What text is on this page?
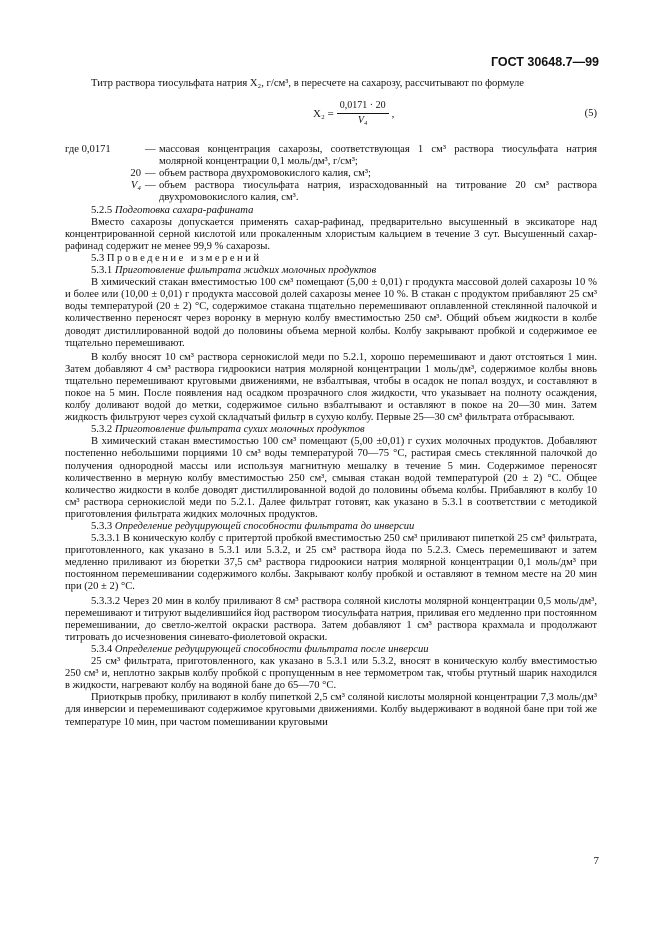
ГОСТ 30648.7—99

Титр раствора тиосульфата натрия X₂, г/см³, в пересчете на сахарозу, рассчитывают по формуле

$X_2 = \frac{0,0171 \cdot 20}{\text{V₄}}$ ,	(5)
где 0,0171	— массовая концентрация сахарозы, соответствующая 1 см³ раствора тиосульфата натрия молярной концентрации 0,1 моль/дм³, г/см³;
20 — объем раствора двухромовокислого калия, см³;
V₄ — объем раствора тиосульфата натрия, израсходованный на титрование 20 см³ раствора двухромовокислого калия, см³.

5.2.5 Подготовка сахара-рафината

Вместо сахарозы допускается применять сахар-рафинад, предварительно высушенный в эксикаторе над концентрированной серной кислотой или прокаленным хлористым кальцием в течение 3 сут. Высушенный сахар-рафинад содержит не менее 99,9 % сахарозы.

5.3 Проведение измерений

5.3.1 Приготовление фильтрата жидких молочных продуктов

В химический стакан вместимостью 100 см³ помещают (5,00 ± 0,01) г продукта массовой долей сахарозы 10 % и более или (10,00 ± 0,01) г продукта массовой долей сахарозы менее 10 %. В стакан с продуктом прибавляют 25 см³ воды температурой (20 ± 2) °С, содержимое стакана тщательно перемешивают оплавленной стеклянной палочкой и количественно переносят через воронку в мерную колбу вместимостью 250 см³. Общий объем жидкости в колбе доводят дистиллированной водой до половины объема мерной колбы. Колбу закрывают пробкой и содержимое ее тщательно перемешивают.

В колбу вносят 10 см³ раствора сернокислой меди по 5.2.1, хорошо перемешивают и дают отстояться 1 мин. Затем добавляют 4 см³ раствора гидроокиси натрия молярной концентрации 1 моль/дм³, содержимое колбы вновь тщательно перемешивают круговыми движениями, не взбалтывая, чтобы в осадок не попал воздух, и составляют в покое на 5 мин. После появления над осадком прозрачного слоя жидкости, что указывает на полноту осаждения, колбу доливают водой до метки, содержимое сильно взбалтывают и оставляют в покое на 20—30 мин. Затем жидкость фильтруют через сухой складчатый фильтр в сухую колбу. Первые 25—30 см³ фильтрата отбрасывают.

5.3.2 Приготовление фильтрата сухих молочных продуктов

В химический стакан вместимостью 100 см³ помещают (5,00 ±0,01) г сухих молочных продуктов. Добавляют постепенно небольшими порциями 10 см³ воды температурой 70—75 °С, растирая смесь стеклянной палочкой до получения однородной массы или используя магнитную мешалку в течение 5 мин. Содержимое переносят количественно в мерную колбу вместимостью 250 см³, смывая стакан водой температурой (20 ± 2) °С. Общее количество жидкости в колбе доводят дистиллированной водой до половины объема колбы. Прибавляют в колбу 10 см³ раствора сернокислой меди по 5.2.1. Далее фильтрат готовят, как указано в 5.3.1 в соответствии с методикой приготовления фильтрата жидких молочных продуктов.

5.3.3 Определение редуцирующей способности фильтрата до инверсии

5.3.3.1 В коническую колбу с притертой пробкой вместимостью 250 см³ приливают пипеткой 25 см³ фильтрата, приготовленного, как указано в 5.3.1 или 5.3.2, и 25 см³ раствора йода по 5.2.3. Смесь перемешивают и затем медленно приливают из бюретки 37,5 см³ раствора гидроокиси натрия молярной концентрации 0,1 моль/дм³ при постоянном перемешивании содержимого колбы. Закрывают колбу пробкой и оставляют в темном месте на 20 мин при (20 ± 2) °С.

5.3.3.2 Через 20 мин в колбу приливают 8 см³ раствора соляной кислоты молярной концентрации 0,5 моль/дм³, перемешивают и титруют выделившийся йод раствором тиосульфата натрия, приливая его медленно при постоянном перемешивании, до светло-желтой окраски раствора. Затем добавляют 1 см³ раствора крахмала и продолжают титровать до исчезновения синевато-фиолетовой окраски.

5.3.4 Определение редуцирующей способности фильтрата после инверсии

25 см³ фильтрата, приготовленного, как указано в 5.3.1 или 5.3.2, вносят в коническую колбу вместимостью 250 см³ и, неплотно закрыв колбу пробкой с пропущенным в нее термометром так, чтобы ртутный шарик находился в жидкости, нагревают колбу на водяной бане до 65—70 °С.

Приоткрыв пробку, приливают в колбу пипеткой 2,5 см³ соляной кислоты молярной концентрации 7,3 моль/дм³ для инверсии и перемешивают содержимое круговыми движениями. Колбу выдерживают в водяной бане при той же температуре 10 мин, при частом помешивании круговыми

7
